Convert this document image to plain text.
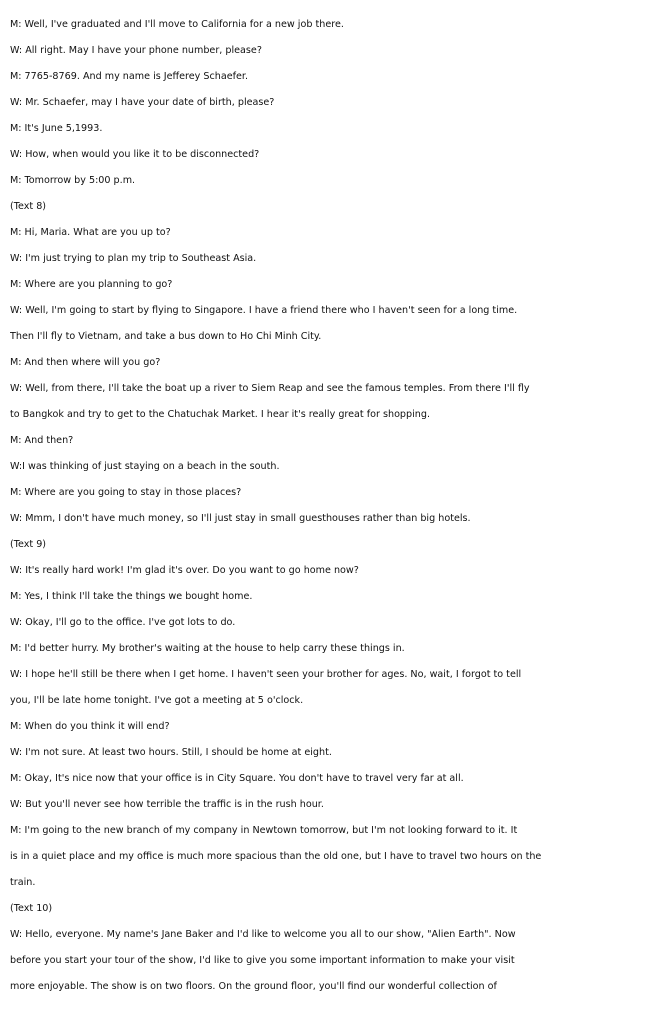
M: Well, I've graduated and I'll move to California for a new job there.
W: All right. May I have your phone number, please?
M: 7765-8769. And my name is Jefferey Schaefer.
W: Mr. Schaefer, may I have your date of birth, please?
M: It's June 5,1993.
W: How, when would you like it to be disconnected?
M: Tomorrow by 5:00 p.m.
(Text 8)
M: Hi, Maria. What are you up to?
W: I'm just trying to plan my trip to Southeast Asia.
M: Where are you planning to go?
W: Well, I'm going to start by flying to Singapore. I have a friend there who I haven't seen for a long time.
Then I'll fly to Vietnam, and take a bus down to Ho Chi Minh City.
M: And then where will you go?
W: Well, from there, I'll take the boat up a river to Siem Reap and see the famous temples. From there I'll fly
to Bangkok and try to get to the Chatuchak Market. I hear it's really great for shopping.
M: And then?
W:I was thinking of just staying on a beach in the south.
M: Where are you going to stay in those places?
W: Mmm, I don't have much money, so I'll just stay in small guesthouses rather than big hotels.
(Text 9)
W: It's really hard work! I'm glad it's over. Do you want to go home now?
M: Yes, I think I'll take the things we bought home.
W: Okay, I'll go to the office. I've got lots to do.
M: I'd better hurry. My brother's waiting at the house to help carry these things in.
W: I hope he'll still be there when I get home. I haven't seen your brother for ages. No, wait, I forgot to tell
you, I'll be late home tonight. I've got a meeting at 5 o'clock.
M: When do you think it will end?
W: I'm not sure. At least two hours. Still, I should be home at eight.
M: Okay, It's nice now that your office is in City Square. You don't have to travel very far at all.
W: But you'll never see how terrible the traffic is in the rush hour.
M: I'm going to the new branch of my company in Newtown tomorrow, but I'm not looking forward to it. It
is in a quiet place and my office is much more spacious than the old one, but I have to travel two hours on the
train.
(Text 10)
W: Hello, everyone. My name's Jane Baker and I'd like to welcome you all to our show, "Alien Earth". Now
before you start your tour of the show, I'd like to give you some important information to make your visit
more enjoyable. The show is on two floors. On the ground floor, you'll find our wonderful collection of
